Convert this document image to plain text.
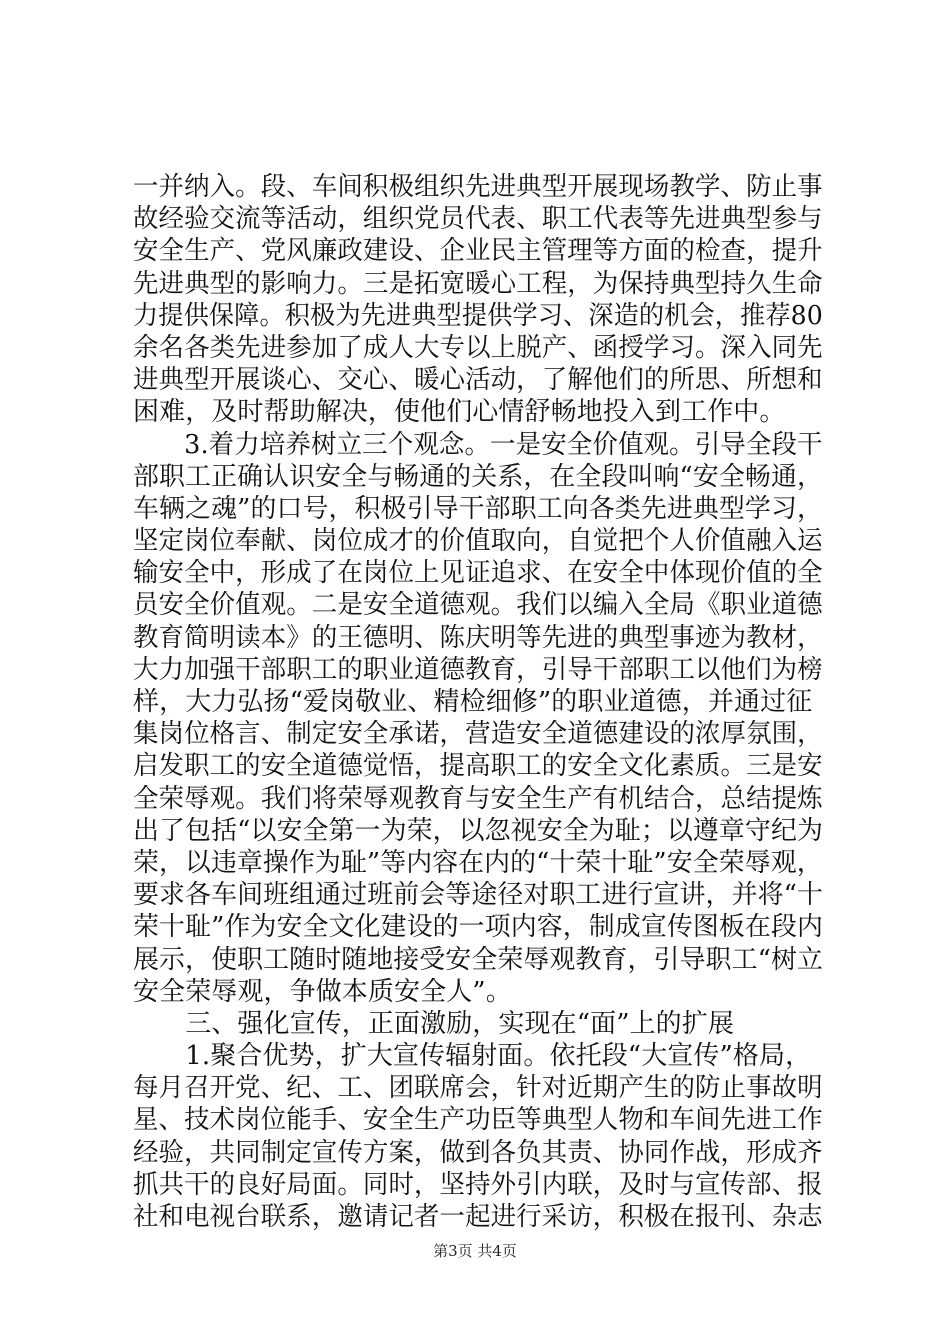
一并纳入。段、车间积极组织先进典型开展现场教学、防止事
故经验交流等活动，组织党员代表、职工代表等先进典型参与
安全生产、党风廉政建设、企业民主管理等方面的检查，提升
先进典型的影响力。三是拓宽暖心工程，为保持典型持久生命
力提供保障。积极为先进典型提供学习、深造的机会，推荐80
余名各类先进参加了成人大专以上脱产、函授学习。深入同先
进典型开展谈心、交心、暖心活动，了解他们的所思、所想和
困难，及时帮助解决，使他们心情舒畅地投入到工作中。
　　3.着力培养树立三个观念。一是安全价值观。引导全段干
部职工正确认识安全与畅通的关系，在全段叫响“安全畅通，
车辆之魂”的口号，积极引导干部职工向各类先进典型学习，
坚定岗位奉献、岗位成才的价值取向，自觉把个人价值融入运
输安全中，形成了在岗位上见证追求、在安全中体现价值的全
员安全价值观。二是安全道德观。我们以编入全局《职业道德
教育简明读本》的王德明、陈庆明等先进的典型事迹为教材，
大力加强干部职工的职业道德教育，引导干部职工以他们为榜
样，大力弘扬“爱岗敬业、精检细修”的职业道德，并通过征
集岗位格言、制定安全承诺，营造安全道德建设的浓厚氛围，
启发职工的安全道德觉悟，提高职工的安全文化素质。三是安
全荣辱观。我们将荣辱观教育与安全生产有机结合，总结提炼
出了包括“以安全第一为荣，以忽视安全为耻；以遵章守纪为
荣，以违章操作为耻”等内容在内的“十荣十耻”安全荣辱观，
要求各车间班组通过班前会等途径对职工进行宣讲，并将“十
荣十耻”作为安全文化建设的一项内容，制成宣传图板在段内
展示，使职工随时随地接受安全荣辱观教育，引导职工“树立
安全荣辱观，争做本质安全人”。
　　三、强化宣传，正面激励，实现在“面”上的扩展
　　1.聚合优势，扩大宣传辐射面。依托段“大宣传”格局，
每月召开党、纪、工、团联席会，针对近期产生的防止事故明
星、技术岗位能手、安全生产功臣等典型人物和车间先进工作
经验，共同制定宣传方案，做到各负其责、协同作战，形成齐
抓共干的良好局面。同时，坚持外引内联，及时与宣传部、报
社和电视台联系，邀请记者一起进行采访，积极在报刊、杂志
第3页 共4页
